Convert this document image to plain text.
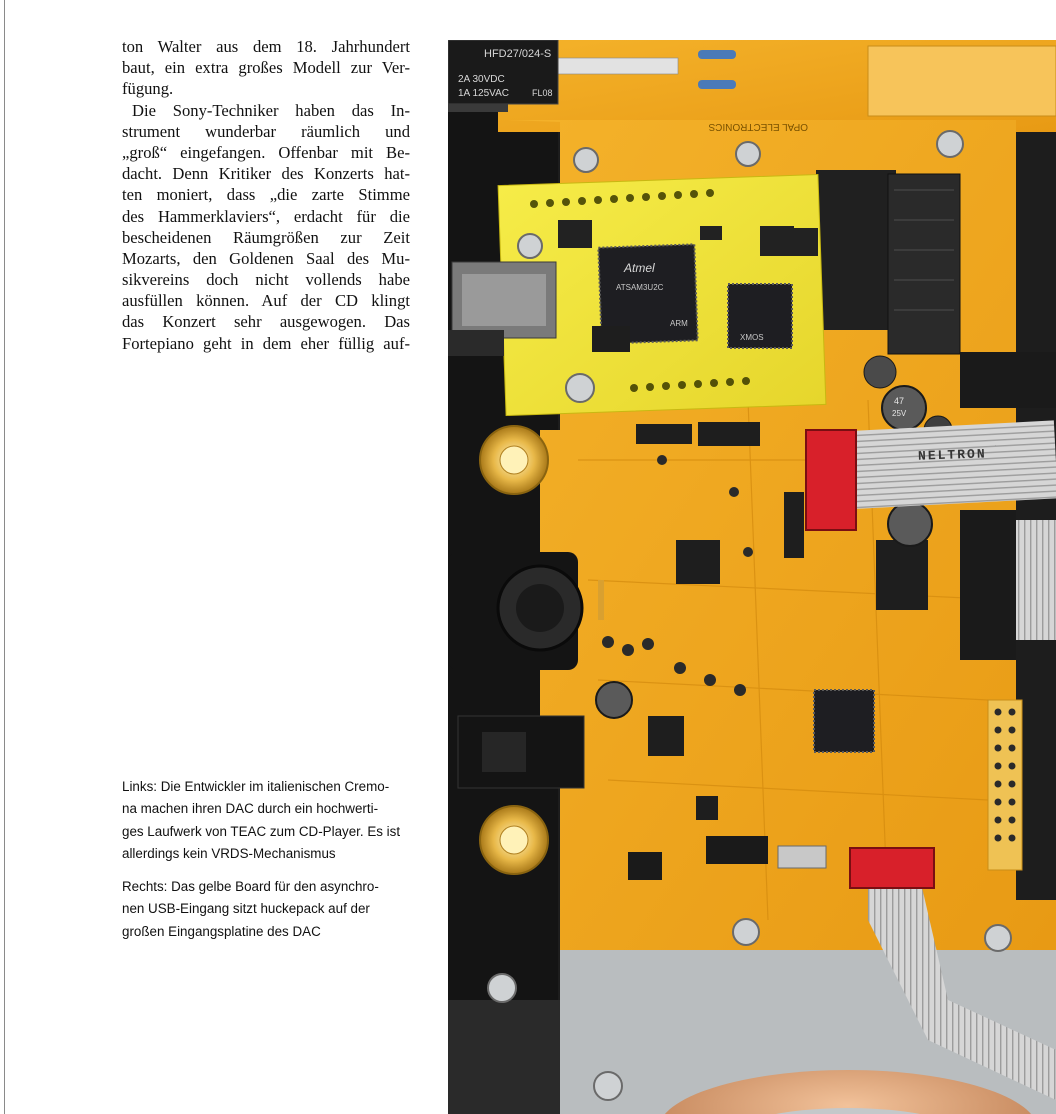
ton Walter aus dem 18. Jahrhundert
baut, ein extra großes Modell zur Ver-
fügung.
Die Sony-Techniker haben das In-
strument wunderbar räumlich und
„groß“ eingefangen. Offenbar mit Be-
dacht. Denn Kritiker des Konzerts hat-
ten moniert, dass „die zarte Stimme
des Hammerklaviers“, erdacht für die
bescheidenen Räumgrößen zur Zeit
Mozarts, den Goldenen Saal des Mu-
sikvereins doch nicht vollends habe
ausfüllen können. Auf der CD klingt
das Konzert sehr ausgewogen. Das
Fortepiano geht in dem eher füllig auf-
Links: Die Entwickler im italienischen Cremo-
na machen ihren DAC durch ein hochwerti-
ges Laufwerk von TEAC zum CD-Player. Es ist
allerdings kein VRDS-Mechanismus
Rechts: Das gelbe Board für den asynchro-
nen USB-Eingang sitzt huckepack auf der
großen Eingangsplatine des DAC
HFD27/024-S
2A 30VDC
1A 125VAC	FL08
OPAL ELECTRONICS
Atmel
ATSAM3U2C
ARM
XMOS
47
25V
NELTRON
